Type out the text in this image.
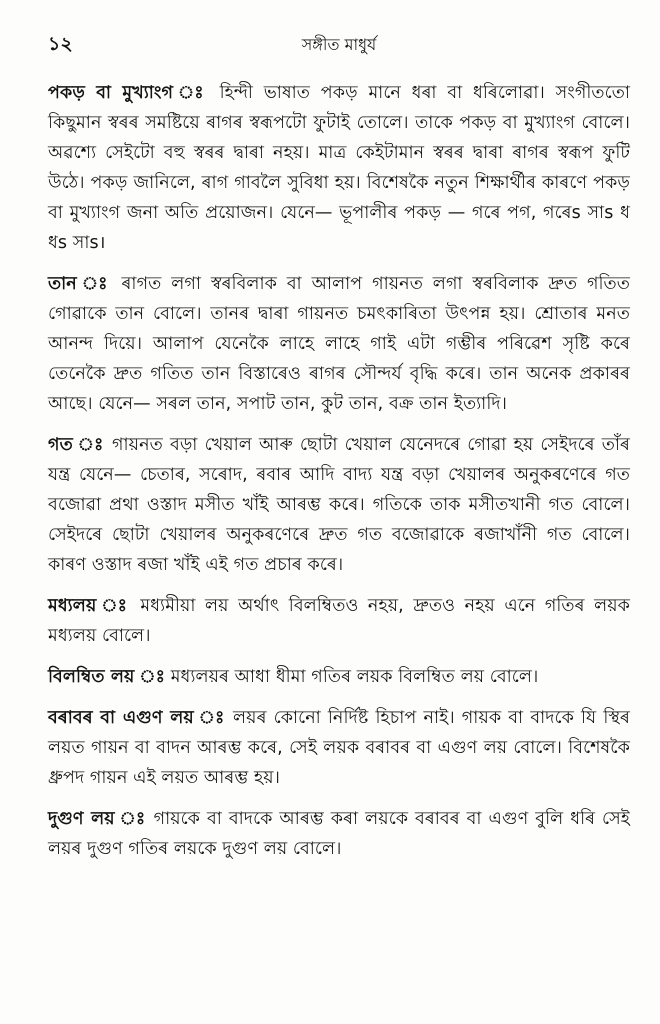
১২	সঙ্গীত মাধুৰ্য

পকড় বা মুখ্যাংগ ঃ হিন্দী ভাষাত পকড় মানে ধৰা বা ধৰিলোৱা। সংগীততো কিছুমান স্বৰৰ সমষ্টিয়ে ৰাগৰ স্বৰূপটো ফুটাই তোলে। তাকে পকড় বা মুখ্যাংগ বোলে। অৱশ্যে সেইটো বহু স্বৰৰ দ্বাৰা নহয়। মাত্ৰ কেইটামান স্বৰৰ দ্বাৰা ৰাগৰ স্বৰূপ ফুটি উঠে। পকড় জানিলে, ৰাগ গাবলৈ সুবিধা হয়। বিশেষকৈ নতুন শিক্ষাৰ্থীৰ কাৰণে পকড় বা মুখ্যাংগ জনা অতি প্ৰয়োজন। যেনে— ভূপালীৰ পকড় — গৰে পগ, গৰেs সাs ধ ধs সাs।

তান ঃ ৰাগত লগা স্বৰবিলাক বা আলাপ গায়নত লগা স্বৰবিলাক দ্ৰুত গতিত গোৱাকে তান বোলে। তানৰ দ্বাৰা গায়নত চমৎকাৰিতা উৎপন্ন হয়। শ্ৰোতাৰ মনত আনন্দ দিয়ে। আলাপ যেনেকৈ লাহে লাহে গাই এটা গম্ভীৰ পৰিৱেশ সৃষ্টি কৰে তেনেকৈ দ্ৰুত গতিত তান বিস্তাৰেও ৰাগৰ সৌন্দৰ্য বৃদ্ধি কৰে। তান অনেক প্ৰকাৰৰ আছে। যেনে— সৰল তান, সপাট তান, কুট তান, বক্ৰ তান ইত্যাদি।

গত ঃ গায়নত বড়া খেয়াল আৰু ছোটা খেয়াল যেনেদৰে গোৱা হয় সেইদৰে তাঁৰ যন্ত্ৰ যেনে— চেতাৰ, সৰোদ, ৰবাৰ আদি বাদ্য যন্ত্ৰ বড়া খেয়ালৰ অনুকৰণেৰে গত বজোৱা প্ৰথা ওস্তাদ মসীত খাঁই আৰম্ভ কৰে। গতিকে তাক মসীতখানী গত বোলে। সেইদৰে ছোটা খেয়ালৰ অনুকৰণেৰে দ্ৰুত গত বজোৱাকে ৰজাখাঁনী গত বোলে। কাৰণ ওস্তাদ ৰজা খাঁই এই গত প্ৰচাৰ কৰে।

মধ্যলয় ঃ মধ্যমীয়া লয় অৰ্থাৎ বিলম্বিতও নহয়, দ্ৰুতও নহয় এনে গতিৰ লয়ক মধ্যলয় বোলে।

বিলম্বিত লয় ঃ মধ্যলয়ৰ আধা ধীমা গতিৰ লয়ক বিলম্বিত লয় বোলে।

বৰাবৰ বা এগুণ লয় ঃ লয়ৰ কোনো নিৰ্দিষ্ট হিচাপ নাই। গায়ক বা বাদকে যি স্থিৰ লয়ত গায়ন বা বাদন আৰম্ভ কৰে, সেই লয়ক বৰাবৰ বা এগুণ লয় বোলে। বিশেষকৈ ধ্ৰুপদ গায়ন এই লয়ত আৰম্ভ হয়।

দুগুণ লয় ঃ গায়কে বা বাদকে আৰম্ভ কৰা লয়কে বৰাবৰ বা এগুণ বুলি ধৰি সেই লয়ৰ দুগুণ গতিৰ লয়কে দুগুণ লয় বোলে।
